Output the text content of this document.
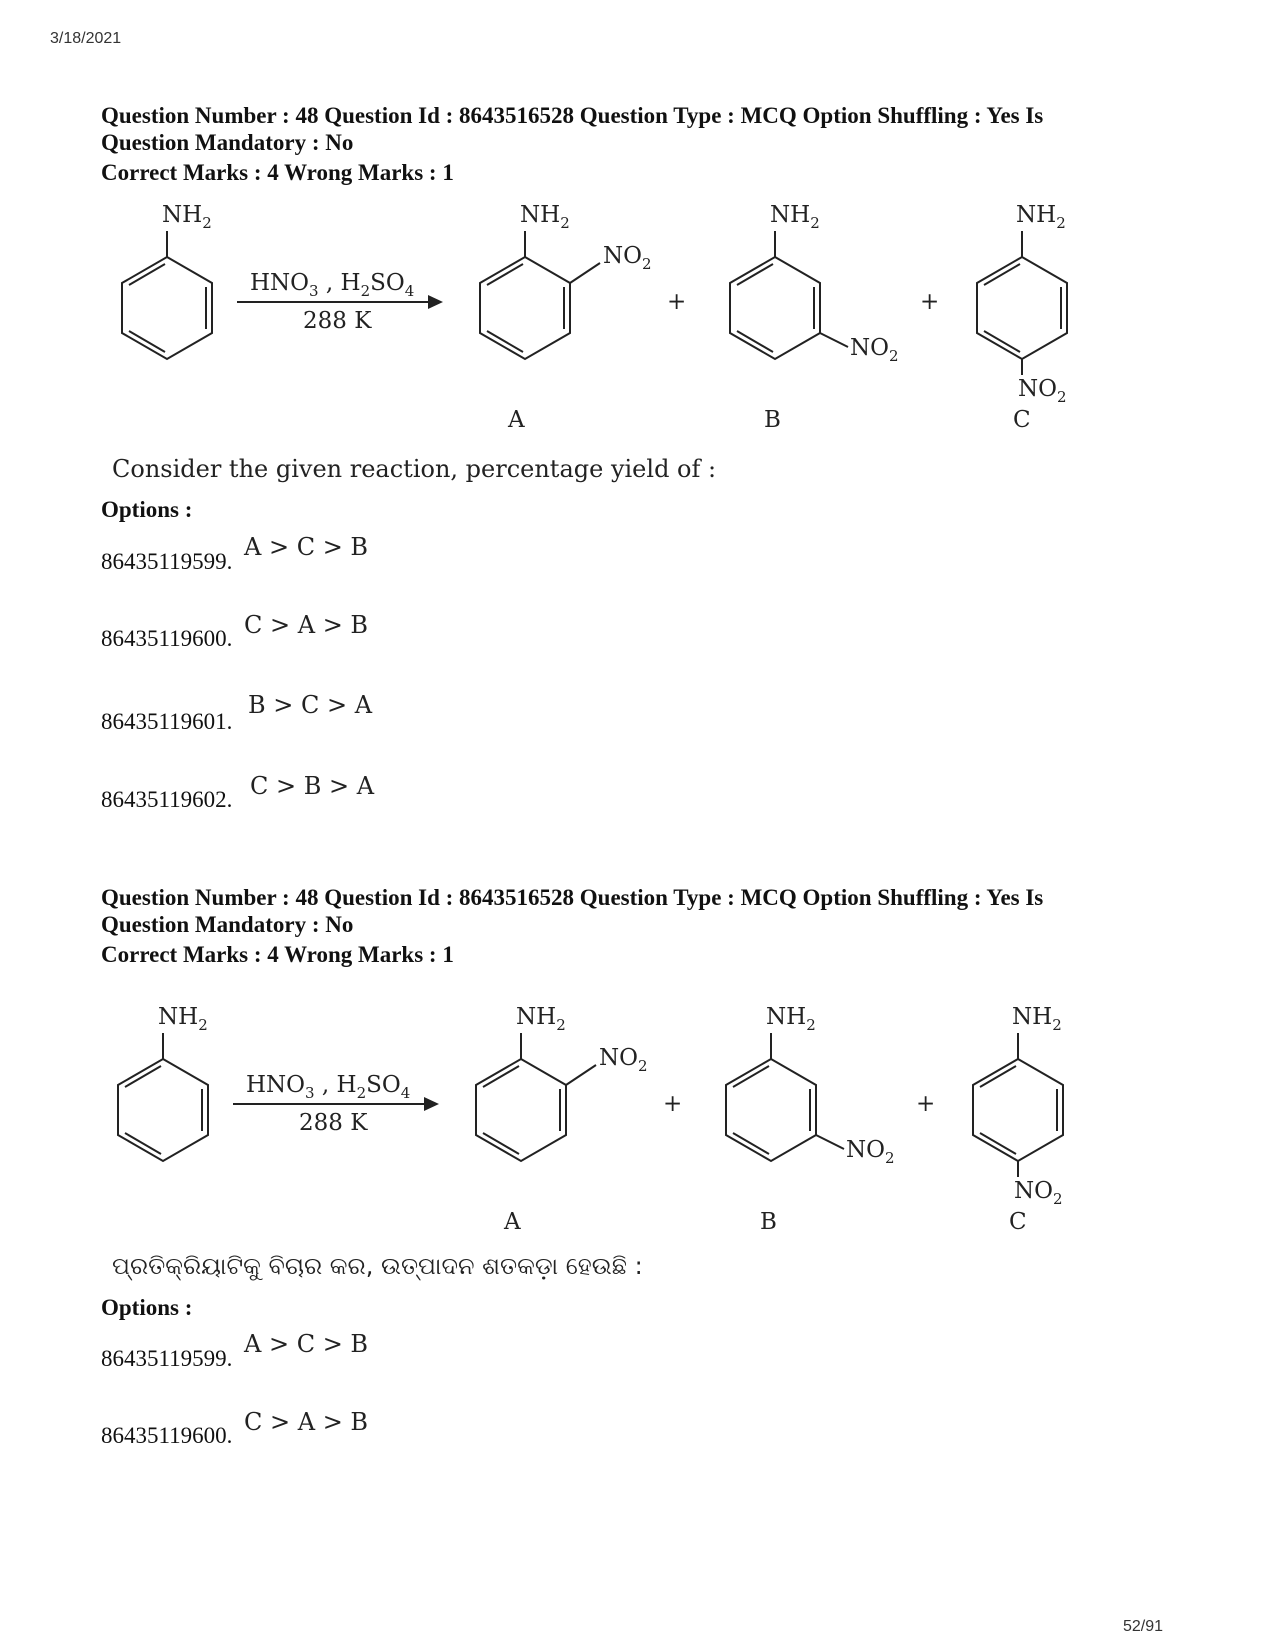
3/18/2021
52/91
Question Number : 48 Question Id : 8643516528 Question Type : MCQ Option Shuffling : Yes Is
Question Mandatory : No
Correct Marks : 4 Wrong Marks : 1
$NH_2$	$NH_2$	$NH_2$	$NH_2$
$NO_2$
$NO_2$
$NO_2$
$HNO_3$ , $H_2SO_4$
288 K
+	+
A	B	C
Consider the given reaction, percentage yield of :
Options :
86435119599.
A > C > B
86435119600. C > A > B
86435119601.
B > C > A
86435119602. C > B > A
Question Number : 48 Question Id : 8643516528 Question Type : MCQ Option Shuffling : Yes Is
Question Mandatory : No
Correct Marks : 4 Wrong Marks : 1
$NH_2$	$NH_2$	$NH_2$	$NH_2$
$NO_2$
$NO_2$
$NO_2$
$HNO_3$ , $H_2SO_4$
288 K
+	+
A	B	C
ପ୍ରତିକ୍ରିୟାଟିକୁ ବିଚାର କର, ଉତ୍ପାଦନ ଶତକଡ଼ା ହେଉଛି :
Options :
86435119599.
A > C > B
86435119600. C > A > B
